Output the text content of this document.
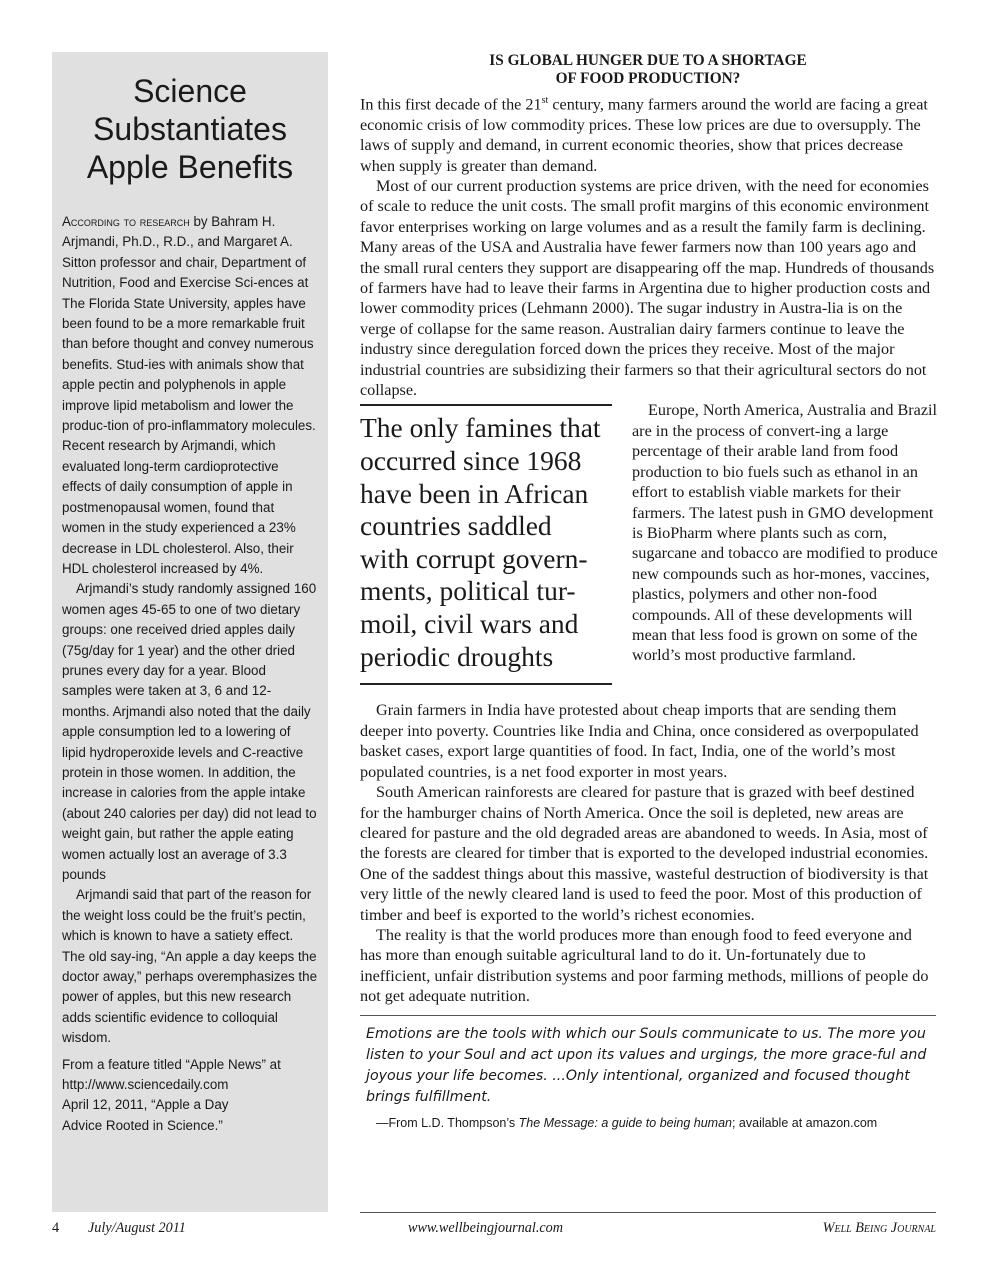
Science
Substantiates
Apple Benefits

According to research by Bahram H. Arjmandi, Ph.D., R.D., and Margaret A. Sitton professor and chair, Department of Nutrition, Food and Exercise Sci-ences at The Florida State University, apples have been found to be a more remarkable fruit than before thought and convey numerous benefits. Stud-ies with animals show that apple pectin and polyphenols in apple improve lipid metabolism and lower the produc-tion of pro-inflammatory molecules. Recent research by Arjmandi, which evaluated long-term cardioprotective effects of daily consumption of apple in postmenopausal women, found that women in the study experienced a 23% decrease in LDL cholesterol. Also, their HDL cholesterol increased by 4%.

Arjmandi’s study randomly assigned 160 women ages 45-65 to one of two dietary groups: one received dried apples daily (75g/day for 1 year) and the other dried prunes every day for a year. Blood samples were taken at 3, 6 and 12-months. Arjmandi also noted that the daily apple consumption led to a lowering of lipid hydroperoxide levels and C-reactive protein in those women. In addition, the increase in calories from the apple intake (about 240 calories per day) did not lead to weight gain, but rather the apple eating women actually lost an average of 3.3 pounds

Arjmandi said that part of the reason for the weight loss could be the fruit’s pectin, which is known to have a satiety effect. The old say-ing, “An apple a day keeps the doctor away,” perhaps overemphasizes the power of apples, but this new research adds scientific evidence to colloquial wisdom.

From a feature titled “Apple News” at
http://www.sciencedaily.com
April 12, 2011, “Apple a Day
Advice Rooted in Science.”

IS GLOBAL HUNGER DUE TO A SHORTAGE
OF FOOD PRODUCTION?

In this first decade of the 21st century, many farmers around the world are facing a great economic crisis of low commodity prices. These low prices are due to oversupply. The laws of supply and demand, in current economic theories, show that prices decrease when supply is greater than demand.

Most of our current production systems are price driven, with the need for economies of scale to reduce the unit costs. The small profit margins of this economic environment favor enterprises working on large volumes and as a result the family farm is declining. Many areas of the USA and Australia have fewer farmers now than 100 years ago and the small rural centers they support are disappearing off the map. Hundreds of thousands of farmers have had to leave their farms in Argentina due to higher production costs and lower commodity prices (Lehmann 2000). The sugar industry in Austra-lia is on the verge of collapse for the same reason. Australian dairy farmers continue to leave the industry since deregulation forced down the prices they receive. Most of the major industrial countries are subsidizing their farmers so that their agricultural sectors do not collapse.

The only famines that
occurred since 1968
have been in African
countries saddled
with corrupt govern-
ments, political tur-
moil, civil wars and
periodic droughts

Europe, North America, Australia and Brazil are in the process of convert-ing a large percentage of their arable land from food production to bio fuels such as ethanol in an effort to establish viable markets for their farmers. The latest push in GMO development is BioPharm where plants such as corn, sugarcane and tobacco are modified to produce new compounds such as hor-mones, vaccines, plastics, polymers and other non-food compounds. All of these developments will mean that less food is grown on some of the world’s most productive farmland.

Grain farmers in India have protested about cheap imports that are sending them deeper into poverty. Countries like India and China, once considered as overpopulated basket cases, export large quantities of food. In fact, India, one of the world’s most populated countries, is a net food exporter in most years.

South American rainforests are cleared for pasture that is grazed with beef destined for the hamburger chains of North America. Once the soil is depleted, new areas are cleared for pasture and the old degraded areas are abandoned to weeds. In Asia, most of the forests are cleared for timber that is exported to the developed industrial economies. One of the saddest things about this massive, wasteful destruction of biodiversity is that very little of the newly cleared land is used to feed the poor. Most of this production of timber and beef is exported to the world’s richest economies.

The reality is that the world produces more than enough food to feed everyone and has more than enough suitable agricultural land to do it. Un-fortunately due to inefficient, unfair distribution systems and poor farming methods, millions of people do not get adequate nutrition.

Emotions are the tools with which our Souls communicate to us. The more you listen to your Soul and act upon its values and urgings, the more grace-ful and joyous your life becomes. ...Only intentional, organized and focused thought brings fulfillment.

—From L.D. Thompson’s The Message: a guide to being human; available at amazon.com

4 July/August 2011	www.wellbeingjournal.com	Well Being Journal
